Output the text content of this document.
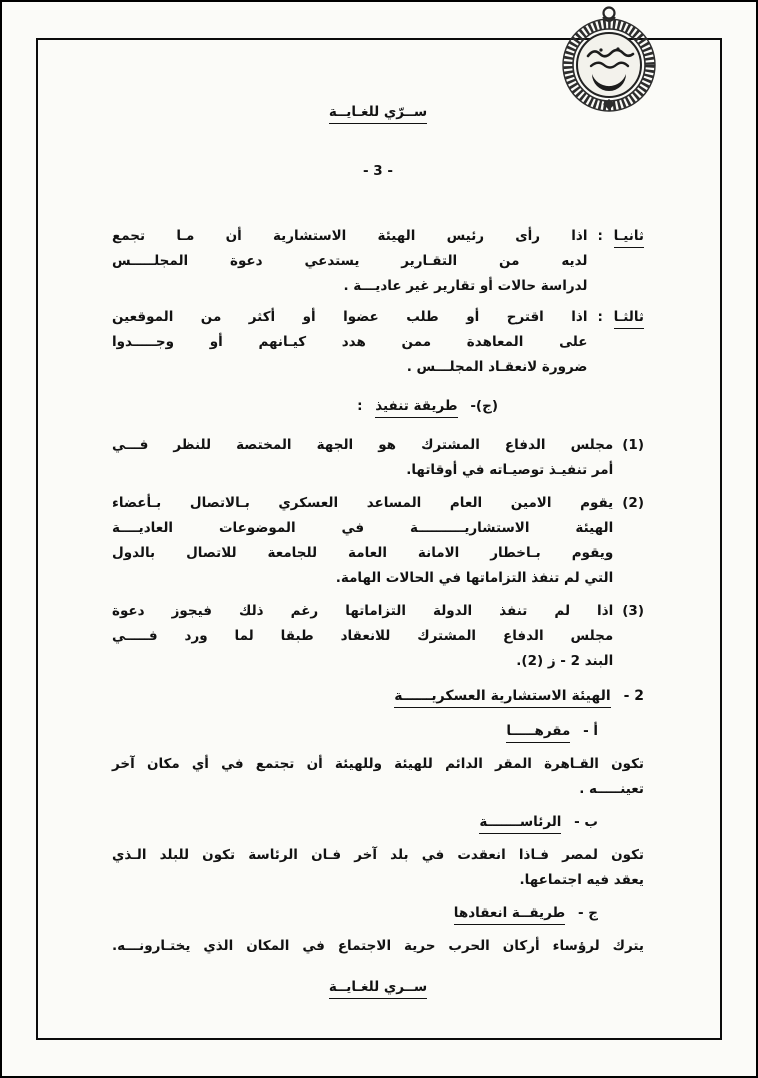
ســرّي للغـايــة
- 3 -
ثانيـا :
اذا رأى رئيس الهيئة الاستشارية أن مـا تجمع
لديه من التقـارير يستدعي دعوة المجلـــــس
لدراسة حالات أو تقارير غير عاديـــة .
ثالثـا :
اذا اقترح أو طلب عضوا أو أكثر من الموقعين
على المعاهدة ممن هدد كيـانهم أو وجـــــدوا
ضرورة لانعقـاد المجلـــس .
(ج)- طريقة تنفيذ :
(1)
مجلس الدفاع المشترك هو الجهة المختصة للنظر فـــي
أمر تنفيـذ توصيـاته في أوقاتها.
(2)
يقوم الامين العام المساعد العسكري بـالاتصال بـأعضاء
الهيئة الاستشاريــــــــــة في الموضوعات العاديــــة
ويقوم بـاخطار الامانة العامة للجامعة للاتصال بالدول
التي لم تنفذ التزاماتها في الحالات الهامة.
(3)
اذا لم تنفذ الدولة التزاماتها رغم ذلك فيجوز دعوة
مجلس الدفاع المشترك للانعقاد طبقا لما ورد فـــــي
البند 2 - ز (2).
2 - الهيئة الاستشارية العسكريــــــة
أ - مقرهـــــا
تكون القـاهرة المقر الدائم للهيئة وللهيئة أن تجتمع في أي مكان آخر
تعينـــــه .
ب - الرئاســـــــة
تكون لمصر فـاذا انعقدت في بلد آخر فـان الرئاسة تكون للبلد الـذي
يعقد فيه اجتماعها.
ج - طريقــة انعقادها
يترك لرؤساء أركان الحرب حرية الاجتماع في المكان الذي يختـارونـــه.
ســري للغـايــة
